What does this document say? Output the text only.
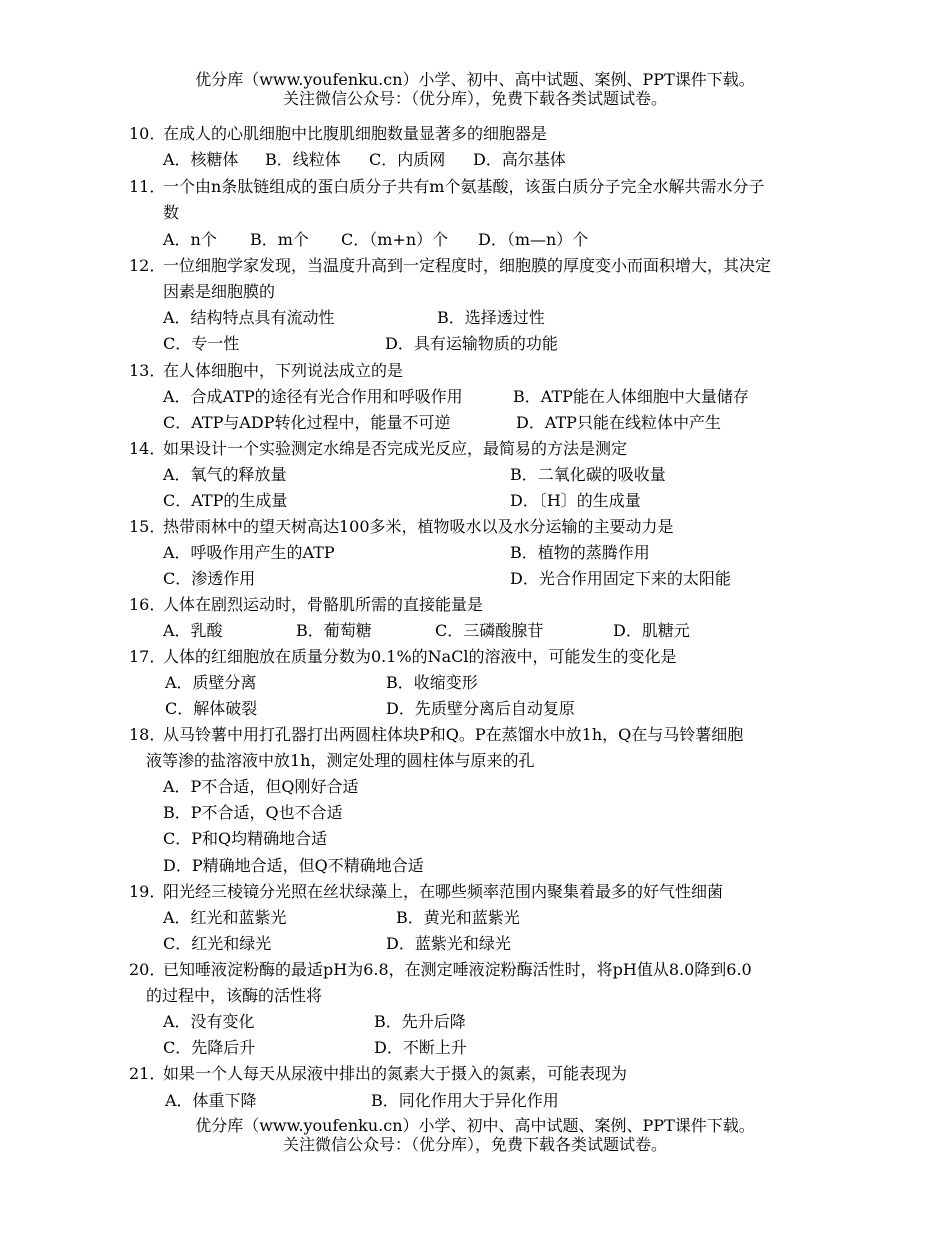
优分库（www.youfenku.cn）小学、初中、高中试题、案例、PPT课件下载。
关注微信公众号：（优分库），免费下载各类试题试卷。
10．
在成人的心肌细胞中比腹肌细胞数量显著多的细胞器是
A．核糖体 B．线粒体 C．内质网 D．高尔基体
11．
一个由n条肽链组成的蛋白质分子共有m个氨基酸，该蛋白质分子完全水解共需水分子
数
A．n个 B．m个 C．（m+n）个 D．（m—n）个
12．
一位细胞学家发现，当温度升高到一定程度时，细胞膜的厚度变小而面积增大，其决定
因素是细胞膜的
A．结构特点具有流动性	B．选择透过性
C．专一性	D．具有运输物质的功能
13．
在人体细胞中，下列说法成立的是
A．合成ATP的途径有光合作用和呼吸作用	B．ATP能在人体细胞中大量储存
C．ATP与ADP转化过程中，能量不可逆	D．ATP只能在线粒体中产生
14．
如果设计一个实验测定水绵是否完成光反应，最简易的方法是测定
A．氧气的释放量	B．二氧化碳的吸收量
C．ATP的生成量	D．〔H〕的生成量
15．
热带雨林中的望天树高达100多米，植物吸水以及水分运输的主要动力是
A．呼吸作用产生的ATP	B．植物的蒸腾作用
C．渗透作用	D．光合作用固定下来的太阳能
16．
人体在剧烈运动时，骨骼肌所需的直接能量是
A．乳酸	B．葡萄糖	C．三磷酸腺苷	D．肌糖元
17．
人体的红细胞放在质量分数为0.1%的NaCl的溶液中，可能发生的变化是
A．质壁分离	B．收缩变形
C．解体破裂	D．先质壁分离后自动复原
18．
从马铃薯中用打孔器打出两圆柱体块P和Q。P在蒸馏水中放1h，Q在与马铃薯细胞
液等渗的盐溶液中放1h，测定处理的圆柱体与原来的孔
A．P不合适，但Q刚好合适
B．P不合适，Q也不合适
C．P和Q均精确地合适
D．P精确地合适，但Q不精确地合适
19．
阳光经三棱镜分光照在丝状绿藻上，在哪些频率范围内聚集着最多的好气性细菌
A．红光和蓝紫光	B．黄光和蓝紫光
C．红光和绿光	D．蓝紫光和绿光
20．
已知唾液淀粉酶的最适pH为6.8，在测定唾液淀粉酶活性时，将pH值从8.0降到6.0
的过程中，该酶的活性将
A．没有变化	B．先升后降
C．先降后升	D．不断上升
21．
如果一个人每天从尿液中排出的氮素大于摄入的氮素，可能表现为
A．体重下降	B．同化作用大于异化作用
优分库（www.youfenku.cn）小学、初中、高中试题、案例、PPT课件下载。
关注微信公众号：（优分库），免费下载各类试题试卷。
